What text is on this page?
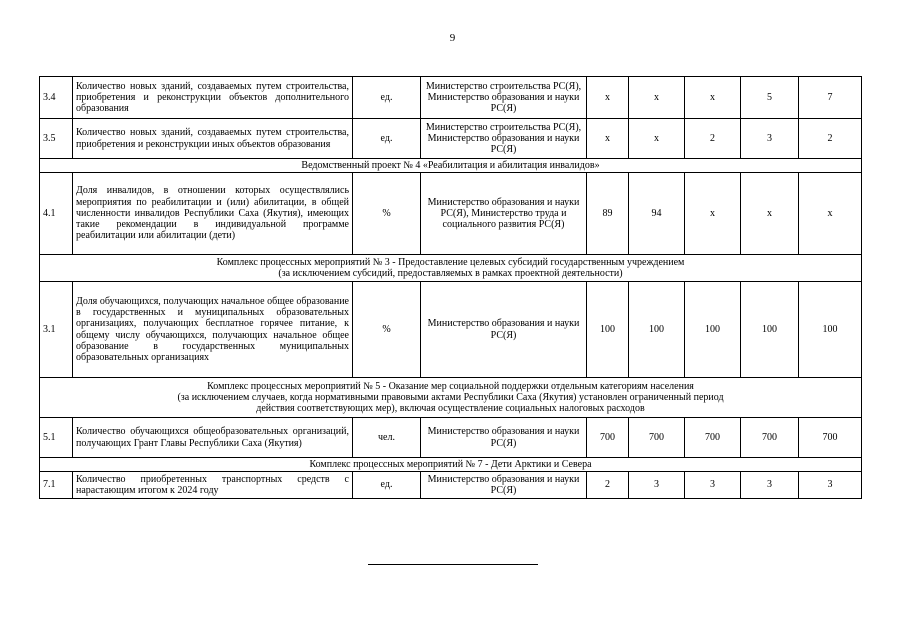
9
3.4	Количество новых зданий, создаваемых путем строительства, приобретения и реконструкции объектов дополнительного образования	ед.	Министерство строительства РС(Я), Министерство образования и науки РС(Я)	х	х	х	5	7
3.5	Количество новых зданий, создаваемых путем строительства, приобретения и реконструкции иных объектов образования	ед.	Министерство строительства РС(Я), Министерство образования и науки РС(Я)	х	х	2	3	2

Ведомственный проект № 4 «Реабилитация и абилитация инвалидов»								

4.1	Доля инвалидов, в отношении которых осуществлялись мероприятия по реабилитации и (или) абилитации, в общей численности инвалидов Республики Саха (Якутия), имеющих такие рекомендации в индивидуальной программе реабилитации или абилитации (дети)	%	Министерство образования и науки РС(Я), Министерство труда и социального развития РС(Я)	89	94	х	х	х

Комплекс процессных мероприятий № 3 - Предоставление целевых субсидий государственным учреждением
(за исключением субсидий, предоставляемых в рамках проектной деятельности)								

3.1	Доля обучающихся, получающих начальное общее образование в государственных и муниципальных образовательных организациях, получающих бесплатное горячее питание, к общему числу обучающихся, получающих начальное общее образование в государственных муниципальных образовательных организациях	%	Министерство образования и науки РС(Я)	100	100	100	100	100

Комплекс процессных мероприятий № 5 - Оказание мер социальной поддержки отдельным категориям населения
(за исключением случаев, когда нормативными правовыми актами Республики Саха (Якутия) установлен ограниченный период
действия соответствующих мер), включая осуществление социальных налоговых расходов								

5.1	Количество обучающихся общеобразовательных организаций, получающих Грант Главы Республики Саха (Якутия)	чел.	Министерство образования и науки РС(Я)	700	700	700	700	700

Комплекс процессных мероприятий № 7 - Дети Арктики и Севера								

7.1	Количество приобретенных транспортных средств с нарастающим итогом к 2024 году	ед.	Министерство образования и науки РС(Я)	2	3	3	3	3
